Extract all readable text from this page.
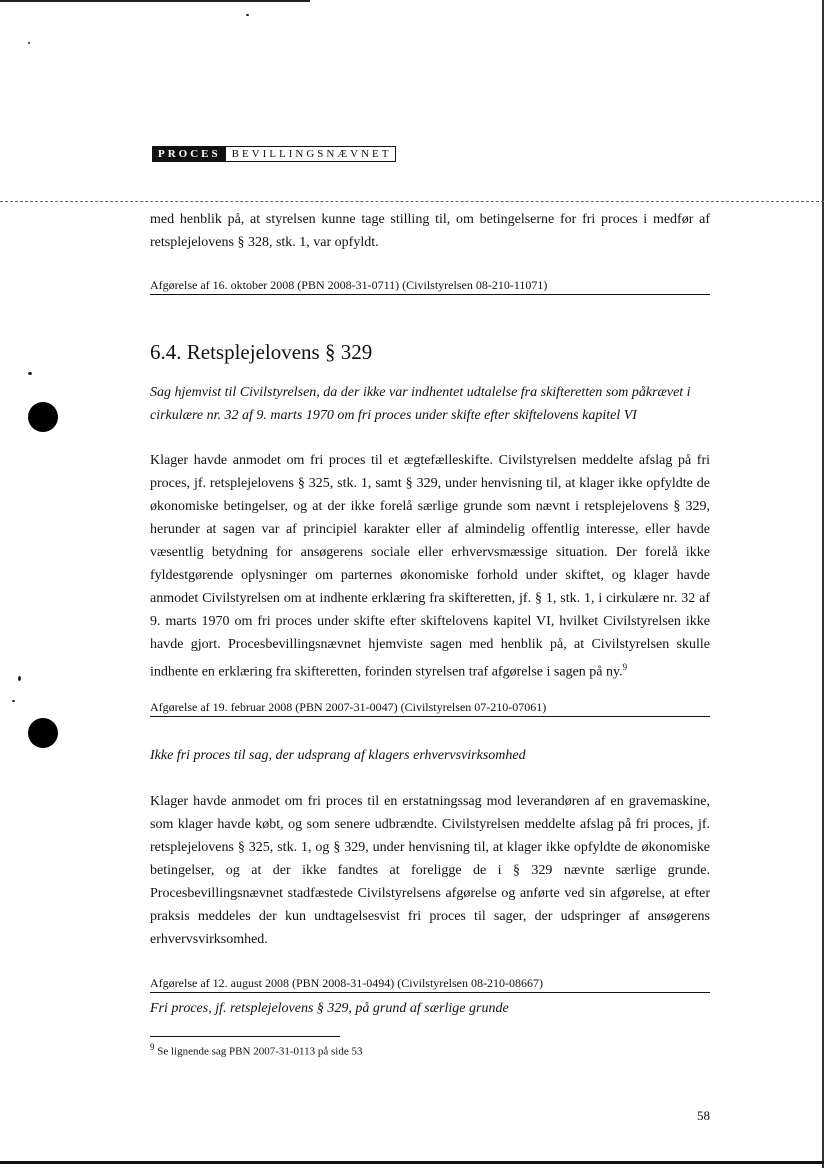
PROCES	BEVILLINGSNÆVNET
med henblik på, at styrelsen kunne tage stilling til, om betingelserne for fri proces i medfør af retsplejelovens § 328, stk. 1, var opfyldt.
Afgørelse af 16. oktober 2008 (PBN 2008-31-0711) (Civilstyrelsen 08-210-11071)
6.4. Retsplejelovens § 329
Sag hjemvist til Civilstyrelsen, da der ikke var indhentet udtalelse fra skifteretten som påkrævet i cirkulære nr. 32 af 9. marts 1970 om fri proces under skifte efter skiftelovens kapitel VI
Klager havde anmodet om fri proces til et ægtefælleskifte. Civilstyrelsen meddelte afslag på fri proces, jf. retsplejelovens § 325, stk. 1, samt § 329, under henvisning til, at klager ikke opfyldte de økonomiske betingelser, og at der ikke forelå særlige grunde som nævnt i retsplejelovens § 329, herunder at sagen var af principiel karakter eller af almindelig offentlig interesse, eller havde væsentlig betydning for ansøgerens sociale eller erhvervsmæssige situation. Der forelå ikke fyldestgørende oplysninger om parternes økonomiske forhold under skiftet, og klager havde anmodet Civilstyrelsen om at indhente erklæring fra skifteretten, jf. § 1, stk. 1, i cirkulære nr. 32 af 9. marts 1970 om fri proces under skifte efter skiftelovens kapitel VI, hvilket Civilstyrelsen ikke havde gjort. Procesbevillingsnævnet hjemviste sagen med henblik på, at Civilstyrelsen skulle indhente en erklæring fra skifteretten, forinden styrelsen traf afgørelse i sagen på ny.$^9$
Afgørelse af 19. februar 2008 (PBN 2007-31-0047) (Civilstyrelsen 07-210-07061)
Ikke fri proces til sag, der udsprang af klagers erhvervsvirksomhed
Klager havde anmodet om fri proces til en erstatningssag mod leverandøren af en gravemaskine, som klager havde købt, og som senere udbrændte. Civilstyrelsen meddelte afslag på fri proces, jf. retsplejelovens § 325, stk. 1, og § 329, under henvisning til, at klager ikke opfyldte de økonomiske betingelser, og at der ikke fandtes at foreligge de i § 329 nævnte særlige grunde. Procesbevillingsnævnet stadfæstede Civilstyrelsens afgørelse og anførte ved sin afgørelse, at efter praksis meddeles der kun undtagelsesvist fri proces til sager, der udspringer af ansøgerens erhvervsvirksomhed.
Afgørelse af 12. august 2008 (PBN 2008-31-0494) (Civilstyrelsen 08-210-08667)
Fri proces, jf. retsplejelovens § 329, på grund af særlige grunde
$^9$ Se lignende sag PBN 2007-31-0113 på side 53
58
